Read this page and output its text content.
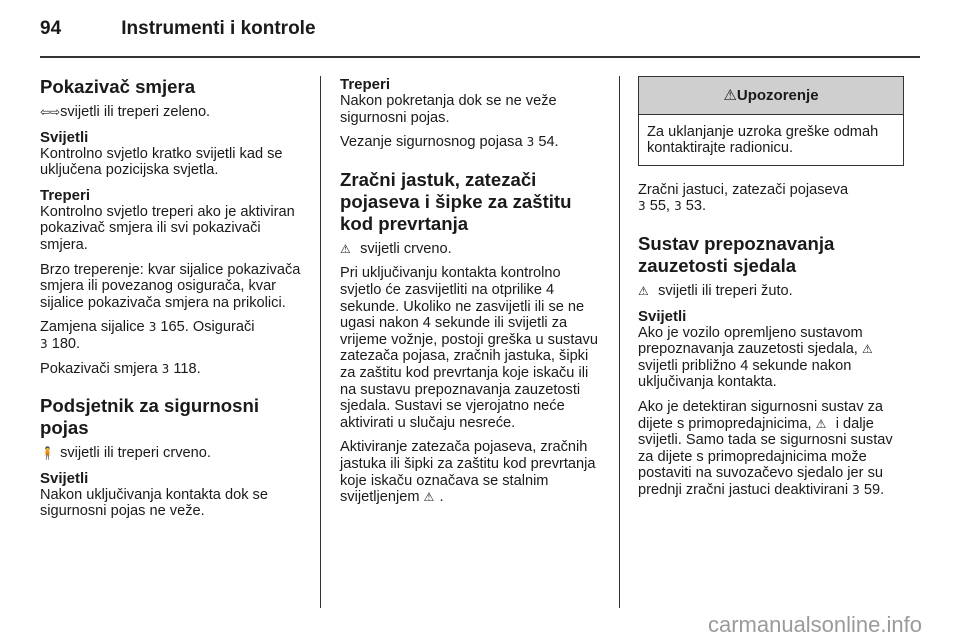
94	Instrumenti i kontrole
Pokazivač smjera

⇦⇨ svijetli ili treperi zeleno.

Svijetli

Kontrolno svjetlo kratko svijetli kad se uključena pozicijska svjetla.

Treperi

Kontrolno svjetlo treperi ako je aktiviran pokazivač smjera ili svi pokazivači smjera.

Brzo treperenje: kvar sijalice pokazivača smjera ili povezanog osigurača, kvar sijalice pokazivača smjera na prikolici.

Zamjena sijalice 3 165. Osigurači
3 180.

Pokazivači smjera 3 118.

Podsjetnik za sigurnosni pojas

🧍 svijetli ili treperi crveno.

Svijetli

Nakon uključivanja kontakta dok se sigurnosni pojas ne veže.

Treperi

Nakon pokretanja dok se ne veže sigurnosni pojas.

Vezanje sigurnosnog pojasa 3 54.

Zračni jastuk, zatezači pojaseva i šipke za zaštitu kod prevrtanja

⚠ svijetli crveno.

Pri uključivanju kontakta kontrolno svjetlo će zasvijetliti na otprilike 4 sekunde. Ukoliko ne zasvijetli ili se ne ugasi nakon 4 sekunde ili svijetli za vrijeme vožnje, postoji greška u sustavu zatezača pojasa, zračnih jastuka, šipki za zaštitu kod prevrtanja koje iskaču ili na sustavu prepoznavanja zauzetosti sjedala. Sustavi se vjerojatno neće aktivirati u slučaju nesreće.

Aktiviranje zatezača pojaseva, zračnih jastuka ili šipki za zaštitu kod prevrtanja koje iskaču označava se stalnim svijetljenjem ⚠ .

⚠Upozorenje
Za uklanjanje uzroka greške odmah kontaktirajte radionicu.

Zračni jastuci, zatezači pojaseva
3 55, 3 53.

Sustav prepoznavanja zauzetosti sjedala

⚠ svijetli ili treperi žuto.

Svijetli

Ako je vozilo opremljeno sustavom prepoznavanja zauzetosti sjedala, ⚠ svijetli približno 4 sekunde nakon uključivanja kontakta.

Ako je detektiran sigurnosni sustav za dijete s primopredajnicima, ⚠ i dalje svijetli. Samo tada se sigurnosni sustav za dijete s primopredajnicima može postaviti na suvozačevo sjedalo jer su prednji zračni jastuci deaktivirani 3 59.

carmanualsonline.info
